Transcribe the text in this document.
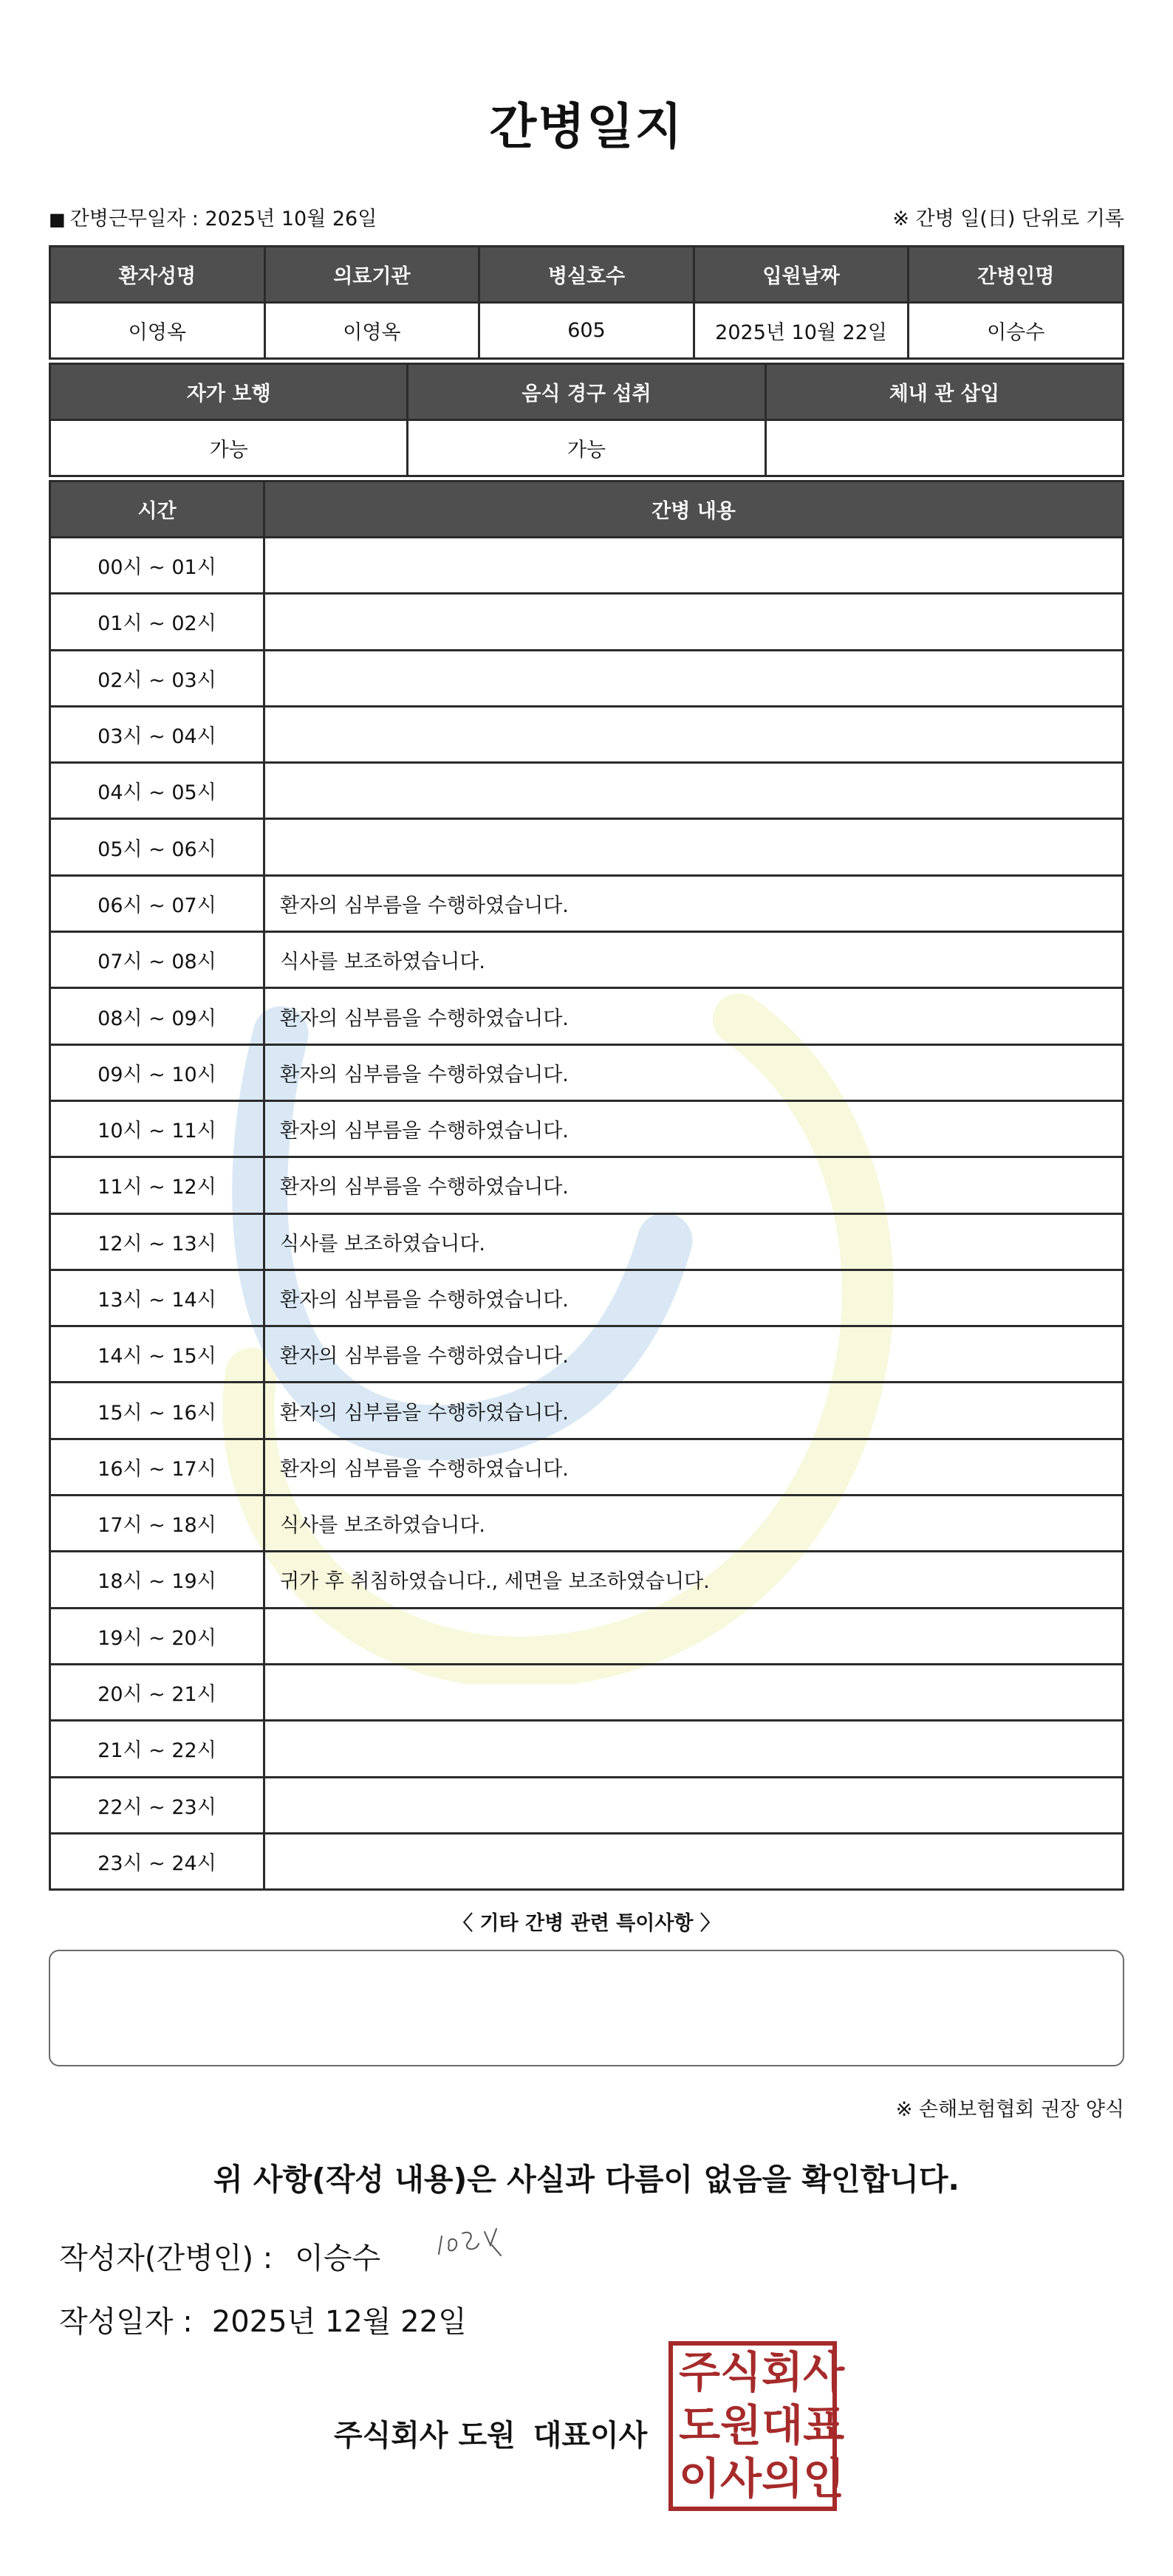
간병일지
■ 간병근무일자 : 2025년 10월 26일	※ 간병 일(日) 단위로 기록
환자성명	의료기관	병실호수	입원날짜	간병인명
이영옥	이영옥	605	2025년 10월 22일	이승수
자가 보행	음식 경구 섭취	체내 관 삽입
가능	가능	
시간	간병 내용
00시 ~ 01시	
01시 ~ 02시	
02시 ~ 03시	
03시 ~ 04시	
04시 ~ 05시	
05시 ~ 06시	
06시 ~ 07시	환자의 심부름을 수행하였습니다.
07시 ~ 08시	식사를 보조하였습니다.
08시 ~ 09시	환자의 심부름을 수행하였습니다.
09시 ~ 10시	환자의 심부름을 수행하였습니다.
10시 ~ 11시	환자의 심부름을 수행하였습니다.
11시 ~ 12시	환자의 심부름을 수행하였습니다.
12시 ~ 13시	식사를 보조하였습니다.
13시 ~ 14시	환자의 심부름을 수행하였습니다.
14시 ~ 15시	환자의 심부름을 수행하였습니다.
15시 ~ 16시	환자의 심부름을 수행하였습니다.
16시 ~ 17시	환자의 심부름을 수행하였습니다.
17시 ~ 18시	식사를 보조하였습니다.
18시 ~ 19시	귀가 후 취침하였습니다., 세면을 보조하였습니다.
19시 ~ 20시	
20시 ~ 21시	
21시 ~ 22시	
22시 ~ 23시	
23시 ~ 24시	
〈 기타 간병 관련 특이사항 〉
※ 손해보험협회 권장 양식
위 사항(작성 내용)은 사실과 다름이 없음을 확인합니다.
작성자(간병인) : 이승수
작성일자 : 2025년 12월 22일
주식회사 도원 대표이사
주 식 회 사
도 원 대 표
이 사 의 인
